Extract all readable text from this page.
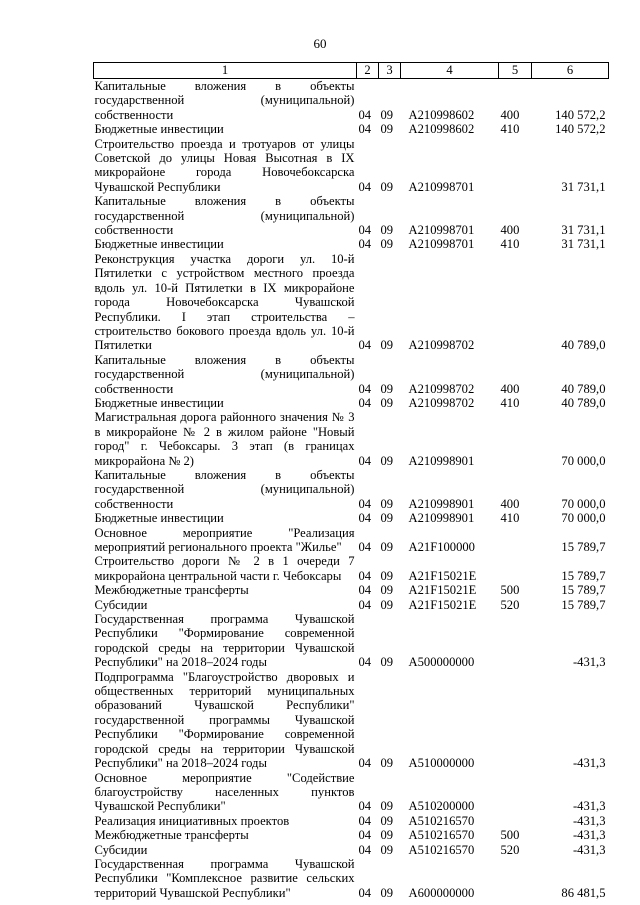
60
1	2	3	4	5	6
Капитальные вложения в объекты государственной (муниципальной) собственности	04	09	A210998602	400	140 572,2
Бюджетные инвестиции	04	09	A210998602	410	140 572,2
Строительство проезда и тротуаров от улицы Советской до улицы Новая Высотная в IX микрорайоне города Новочебоксарска Чувашской Республики	04	09	A210998701		31 731,1
Капитальные вложения в объекты государственной (муниципальной) собственности	04	09	A210998701	400	31 731,1
Бюджетные инвестиции	04	09	A210998701	410	31 731,1
Реконструкция участка дороги ул. 10-й Пятилетки с устройством местного проезда вдоль ул. 10-й Пятилетки в IX микрорайоне города Новочебоксарска Чувашской Республики. I этап строительства – строительство бокового проезда вдоль ул. 10-й Пятилетки	04	09	A210998702		40 789,0
Капитальные вложения в объекты государственной (муниципальной) собственности	04	09	A210998702	400	40 789,0
Бюджетные инвестиции	04	09	A210998702	410	40 789,0
Магистральная дорога районного значения № 3 в микрорайоне № 2 в жилом районе "Новый город" г. Чебоксары. 3 этап (в границах микрорайона № 2)	04	09	A210998901		70 000,0
Капитальные вложения в объекты государственной (муниципальной) собственности	04	09	A210998901	400	70 000,0
Бюджетные инвестиции	04	09	A210998901	410	70 000,0
Основное мероприятие "Реализация мероприятий регионального проекта "Жилье"	04	09	A21F100000		15 789,7
Строительство дороги № 2 в 1 очереди 7 микрорайона центральной части г. Чебоксары	04	09	A21F15021E		15 789,7
Межбюджетные трансферты	04	09	A21F15021E	500	15 789,7
Субсидии	04	09	A21F15021E	520	15 789,7
Государственная программа Чувашской Республики "Формирование современной городской среды на территории Чувашской Республики" на 2018–2024 годы	04	09	A500000000		-431,3
Подпрограмма "Благоустройство дворовых и общественных территорий муниципальных образований Чувашской Республики" государственной программы Чувашской Республики "Формирование современной городской среды на территории Чувашской Республики" на 2018–2024 годы	04	09	A510000000		-431,3
Основное мероприятие "Содействие благоустройству населенных пунктов Чувашской Республики"	04	09	A510200000		-431,3
Реализация инициативных проектов	04	09	A510216570		-431,3
Межбюджетные трансферты	04	09	A510216570	500	-431,3
Субсидии	04	09	A510216570	520	-431,3
Государственная программа Чувашской Республики "Комплексное развитие сельских территорий Чувашской Республики"	04	09	A600000000		86 481,5
